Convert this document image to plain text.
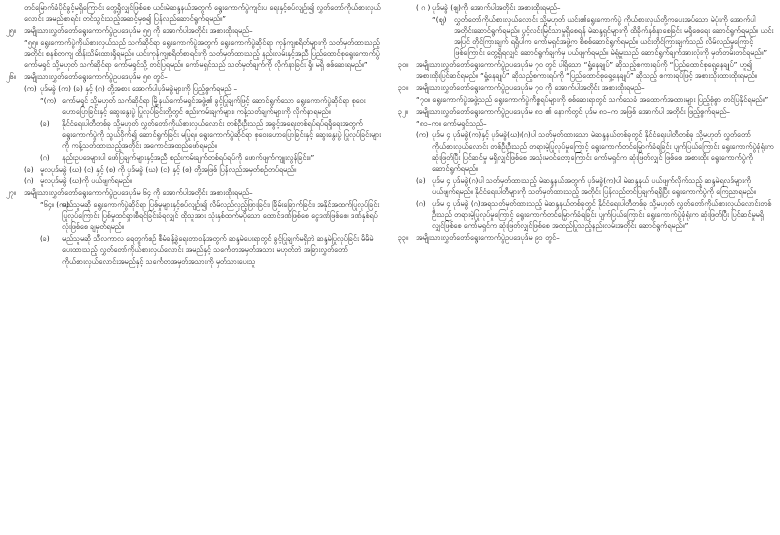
တင်မြောက်ခံပိုင်ခွင့်မရှိကြောင်း တွေ့ရှိလျှင်ဖြစ်စေ ယင်းမဲဆန္ဒနယ်အတွက် ရွေးကောက်ပွဲကျင်းပ ရေးနှင့်စပ်လျဉ်း၍ လွှတ်တော်ကိုယ်စားလှယ်လောင်း အမည်စာရင်း တင်သွင်းသည့်အဆင့်မှစ၍ ပြန်လည်ဆောင်ရွက်ရမည်။”
၂၅။	အမျိုးသားလွှတ်တော်ရွေးကောက်ပွဲဥပဒေပုဒ်မ ၅၅ ကို အောက်ပါအတိုင်း အစားထိုးရမည်–
“၅၅။ ရွေးကောက်ပွဲကိုယ်စားလှယ်သည် သက်ဆိုင်ရာ ရွေးကောက်ပွဲအတွက် ရွေးကောက်ပွဲဆိုင်ရာ ကုန်ကျစရိတ်များကို သတ်မှတ်ထားသည့်အတိုင်း စနစ်တကျ ထိန်းသိမ်းထားရှိရမည်။ ယင်းကုန်ကျစရိတ်စာရင်းကို သတ်မှတ်ထားသည့် နည်းလမ်းနှင့်အညီ ပြည်ထောင်စုရွေးကောက်ပွဲကော်မရှင် သို့မဟုတ် သက်ဆိုင်ရာ ကော်မရှင်သို့ တင်ပြရမည်။ ကော်မရှင်သည် သတ်မှတ်ချက်ကို လိုက်နာခြင်း ရှိ၊ မရှိ စစ်ဆေးရမည်။”
၂၆။	အမျိုးသားလွှတ်တော်ရွေးကောက်ပွဲဥပဒေပုဒ်မ ၅၈ တွင်–
(က) ပုဒ်မခွဲ (က) (ခ) နှင့် (ဂ) တို့အစား အောက်ပါပုဒ်မခွဲများကို ပြည့်စွက်ရမည် –
“(က) ကော်မရှင် သို့မဟုတ် သက်ဆိုင်ရာ မြို့နယ်ကော်မရှင်အဖွဲ့၏ ခွင့်ပြုချက်ဖြင့် ဆောင်ရွက်သော ရွေးကောက်ပွဲဆိုင်ရာ စုဝေးဟောပြောခြင်းနှင့် ဆွေးနွေးပွဲ ပြုလုပ်ခြင်းတို့တွင် စည်းကမ်းချက်များ၊ ကန့်သတ်ချက်များကို လိုက်နာရမည်။
(ခ)	နိုင်ငံရေးပါတီတစ်ခု သို့မဟုတ် လွှတ်တော်ကိုယ်စားလှယ်လောင်း တစ်ဦးဦးသည် အခွင့်အရေးတစ်ရပ်ရပ်ရရှိရေးအတွက် ရွေးကောက်ပွဲကို သွယ်ဝိုက်၍ ဆောင်ရွက်ခြင်း မပြုရ။ ရွေးကောက်ပွဲဆိုင်ရာ စုဝေးဟောပြောခြင်းနှင့် ဆွေးနွေးပွဲ ပြုလုပ်ခြင်းများကို ကန့်သတ်ထားသည့်အတိုင်း အကောင်အထည်ဖော်ရမည်။
(ဂ)	နည်းဥပဒေများပါ ဖော်ပြချက်များနှင့်အညီ စည်းကမ်းချက်တစ်ရပ်ရပ်ကို ဖောက်ဖျက်ကျူးလွန်ခြင်း။”
(ခ) မူလပုဒ်မခွဲ (ဃ) (င) နှင့် (စ) ကို ပုဒ်မခွဲ (ဃ) (င) နှင့် (စ) တို့အဖြစ် ပြန်လည်အမှတ်စဉ်တပ်ရမည်။
(ဂ) မူလပုဒ်မခွဲ (ဃ)ကို ပယ်ဖျက်ရမည်။
၂၇။	အမျိုးသားလွှတ်တော်ရွေးကောက်ပွဲဥပဒေပုဒ်မ ၆၄ ကို အောက်ပါအတိုင်း အစားထိုးရမည်–
“၆၄။ (က)
မည်သူမဆို ရွေးကောက်ပွဲဆိုင်ရာ ပြစ်မှုများနှင့်စပ်လျဉ်း၍ လိမ်လည်လှည့်ဖြားခြင်း၊ ခြိမ်းခြောက်ခြင်း၊ အနိုင်အထက်ပြုလုပ်ခြင်း ပြုလုပ်ကြောင်း ပြစ်မှုထင်ရှားစီရင်ခြင်းခံရလျှင် ထိုသူအား သုံးနှစ်ထက်မပိုသော ထောင်ဒဏ်ဖြစ်စေ ငွေဒဏ်ဖြစ်စေ၊ ဒဏ်နှစ်ရပ်လုံးဖြစ်စေ ချမှတ်ရမည်။
(ခ)	မည်သူမဆို သီလကာလ ရေတွက်စဉ် စီမံခန့်ခွဲရေးတာဝန်အတွက် ဆန္ဒမဲပေးရာတွင် ခွင့်ပြုချက်မရှိဘဲ ဆန္ဒမဲပြုလုပ်ခြင်း မိမိမဲပေးထားသည့် လွှတ်တော်ကိုယ်စားလှယ်လောင်း အမည်နှင့် သင်္ကေတအမှတ်အသား မဟုတ်ဘဲ အခြားလွှတ်တော်ကိုယ်စားလှယ်လောင်းအမည်နှင့် သင်္ကေတအမှတ်အသားကို မှတ်သားပေးသူ
( ဂ ) ပုဒ်မခွဲ (ဈ)ကို အောက်ပါအတိုင်း အစားထိုးရမည်–
“(ဈ)	လွှတ်တော်ကိုယ်စားလှယ်လောင်း သို့မဟုတ် ယင်း၏ရွေးကောက်ပွဲ ကိုယ်စားလှယ်တို့ကပေးအပ်သော မဲပုံးကို အောက်ပါအတိုင်းဆောင်ရွက်ရမည်။ ပွင့်လင်းမြင်သာမှုရှိစေရန် မဲဆန္ဒရှင်များကို ထိခိုက်နစ်နာစေခြင်း မရှိစေရေး ဆောင်ရွက်ရမည်။ ယင်းအပြင် တိုင်ကြားချက် ရရှိပါက ကော်မရှင်အဖွဲ့က စိစစ်ဆောင်ရွက်ရမည်။ ယင်းတိုင်ကြားချက်သည် လိမ်လည်မှုကြောင့် ဖြစ်ကြောင်း တွေ့ရှိရလျှင် ဆောင်ရွက်ချက်မှ ပယ်ဖျက်ရမည်။ မဲရုံမှူးသည် ဆောင်ရွက်ချက်အားလုံးကို မှတ်တမ်းတင်ရမည်။”
၃၀။	အမျိုးသားလွှတ်တော်ရွေးကောက်ပွဲဥပဒေပုဒ်မ ၇၀ တွင် ပါရှိသော “ရှုံ့နေချုပ်” ဆိုသည့်စကားရပ်ကို “ပြည်ထောင်စုရှေ့နေချုပ်” ဟူ၍ အစားထိုးပြင်ဆင်ရမည်။ “ရှုံ့နေချုပ်” ဆိုသည့်စကားရပ်ကို “ပြည်ထောင်စုရှေ့နေချုပ်” ဆိုသည့် စကားရပ်ဖြင့် အစားသိုးထားထိုးရမည်။
၃၁။	အမျိုးသားလွှတ်တော်ရွေးကောက်ပွဲဥပဒေပုဒ်မ ၇၀ ကို အောက်ပါအတိုင်း အစားထိုးရမည်–
“၇၀။ ရွေးကောက်ပွဲအဖွဲ့သည် ရွေးကောက်ပွဲကိစ္စရပ်များကို စစ်ဆေးရာတွင် သက်သေခံ အထောက်အထားများ ပြည့်စုံစွာ တင်ပြနိုင်ရမည်။”
၃၂။	အမျိုးသားလွှတ်တော်ရွေးကောက်ပွဲဥပဒေပုဒ်မ ၈၁ ၏ နောက်တွင် ပုဒ်မ ၈၁–က အဖြစ် အောက်ပါ အတိုင်း ဖြည့်စွက်ရမည်–
“၈၁–က။ ကော်မရှင်သည်–
(က) ပုဒ်မ ၄ ပုဒ်မခွဲ(က)နှင့် ပုဒ်မခွဲ(ဃ)၊(ဂ)ပါ သတ်မှတ်ထားသော မဲဆန္ဒနယ်တစ်ခုတွင် နိုင်ငံရေးပါတီတစ်ခု သို့မဟုတ် လွှတ်တော်ကိုယ်စားလှယ်လောင်း တစ်ဦးဦးသည် တရားမဲ့ပြုလုပ်မှုကြောင့် ရွေးကောက်တင်မြှောက်ခံရခြင်း ပျက်ပြယ်ကြောင်း ရွေးကောက်ပွဲခုံရုံးက ဆုံးဖြတ်ပြီး ပြင်ဆင်မှု မရှိလျှင်ဖြစ်စေ အသုံးမဝင်တော့ကြောင်း ကော်မရှင်က ဆုံးဖြတ်လျှင် ဖြစ်စေ အစားထိုး ရွေးကောက်ပွဲကို ဆောင်ရွက်ရမည်။
(ခ) ပုဒ်မ ၄ ပုဒ်မခွဲ(ဂ)ပါ သတ်မှတ်ထားသည့် မဲဆန္ဒနယ်အတွက် ပုဒ်မခွဲ(က)ပါ မဲဆန္ဒနယ် ပယ်ဖျက်လိုက်သည့် ဆန္ဒမဲရလဒ်များကို ပယ်ဖျက်ရမည်။ နိုင်ငံရေးပါတီများကို သတ်မှတ်ထားသည့် အတိုင်း ပြန်လည်တင်ပြချက်ရရှိပြီး ရွေးကောက်ပွဲကို ကြေညာရမည်။
(ဂ) ပုဒ်မ ၄ ပုဒ်မခွဲ (ဂ)အရသတ်မှတ်ထားသည့် မဲဆန္ဒနယ်တစ်ခုတွင် နိုင်ငံရေးပါတီတစ်ခု သို့မဟုတ် လွှတ်တော်ကိုယ်စားလှယ်လောင်းတစ်ဦးသည် တရားမဲ့ပြုလုပ်မှုကြောင့် ရွေးကောက်တင်မြှောက်ခံရခြင်း ပျက်ပြယ်ကြောင်း ရွေးကောက်ပွဲခုံရုံးက ဆုံးဖြတ်ပြီး ပြင်ဆင်မှုမရှိလျှင်ဖြစ်စေ ကော်မရှင်က ဆုံးဖြတ်လျှင်ဖြစ်စေ အထည်ပြုသည့်နည်းလမ်းအတိုင်း ဆောင်ရွက်ရမည်။”
၃၃။	အမျိုးသားလွှတ်တော်ရွေးကောက်ပွဲဥပဒေပုဒ်မ ၉၁ တွင်–
